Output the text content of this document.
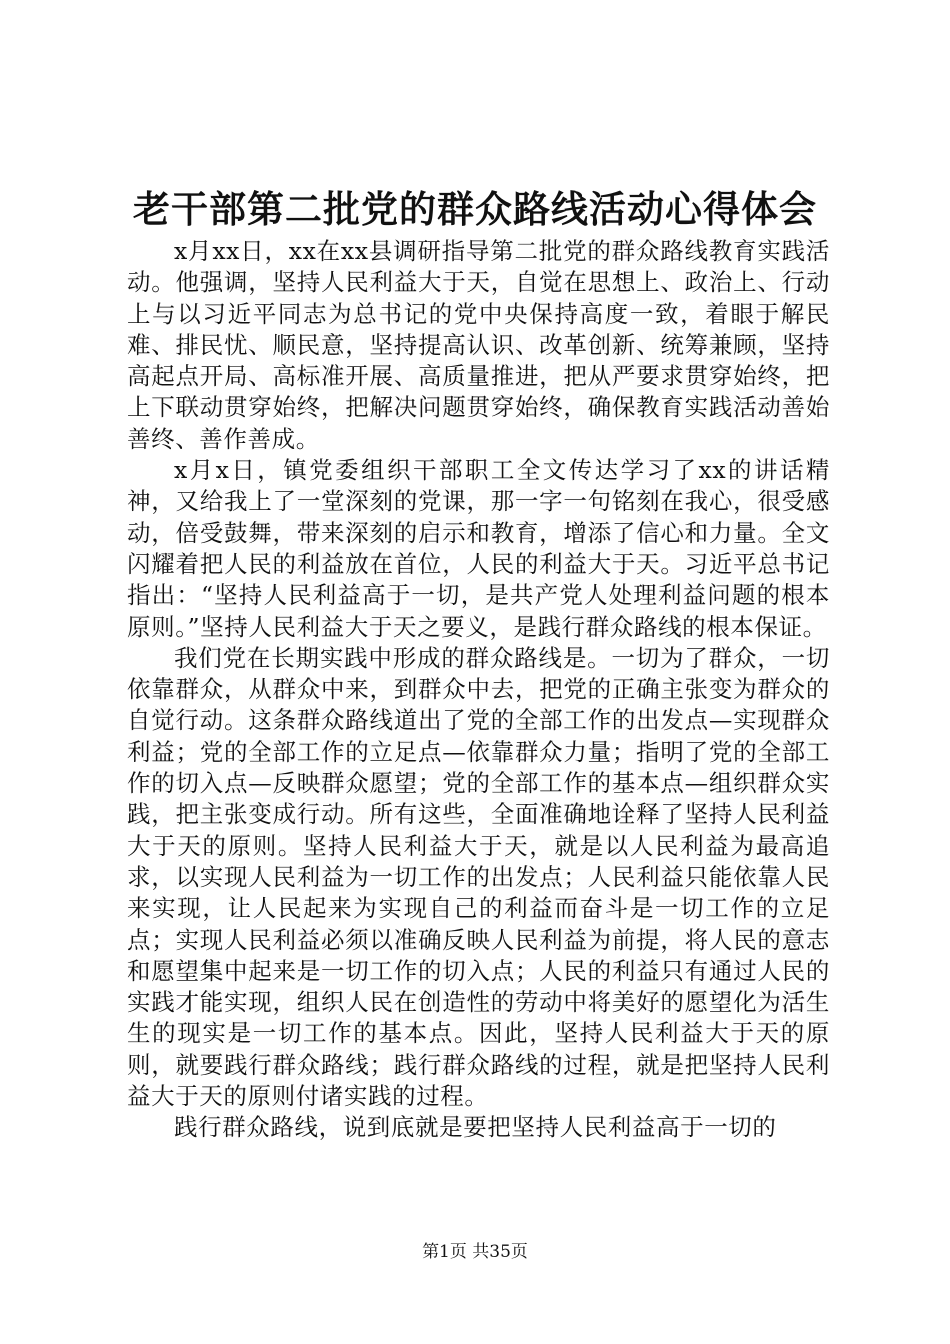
老干部第二批党的群众路线活动心得体会

x月xx日，xx在xx县调研指导第二批党的群众路线教育实践活动。他强调，坚持人民利益大于天，自觉在思想上、政治上、行动上与以习近平同志为总书记的党中央保持高度一致，着眼于解民难、排民忧、顺民意，坚持提高认识、改革创新、统筹兼顾，坚持高起点开局、高标准开展、高质量推进，把从严要求贯穿始终，把上下联动贯穿始终，把解决问题贯穿始终，确保教育实践活动善始善终、善作善成。

x月x日，镇党委组织干部职工全文传达学习了xx的讲话精神，又给我上了一堂深刻的党课，那一字一句铭刻在我心，很受感动，倍受鼓舞，带来深刻的启示和教育，增添了信心和力量。全文闪耀着把人民的利益放在首位，人民的利益大于天。习近平总书记指出：“坚持人民利益高于一切，是共产党人处理利益问题的根本原则。”坚持人民利益大于天之要义，是践行群众路线的根本保证。

我们党在长期实践中形成的群众路线是。一切为了群众，一切依靠群众，从群众中来，到群众中去，把党的正确主张变为群众的自觉行动。这条群众路线道出了党的全部工作的出发点—实现群众利益；党的全部工作的立足点—依靠群众力量；指明了党的全部工作的切入点—反映群众愿望；党的全部工作的基本点—组织群众实践，把主张变成行动。所有这些，全面准确地诠释了坚持人民利益大于天的原则。坚持人民利益大于天，就是以人民利益为最高追求，以实现人民利益为一切工作的出发点；人民利益只能依靠人民来实现，让人民起来为实现自己的利益而奋斗是一切工作的立足点；实现人民利益必须以准确反映人民利益为前提，将人民的意志和愿望集中起来是一切工作的切入点；人民的利益只有通过人民的实践才能实现，组织人民在创造性的劳动中将美好的愿望化为活生生的现实是一切工作的基本点。因此，坚持人民利益大于天的原则，就要践行群众路线；践行群众路线的过程，就是把坚持人民利益大于天的原则付诸实践的过程。

践行群众路线，说到底就是要把坚持人民利益高于一切的

第1页 共35页
